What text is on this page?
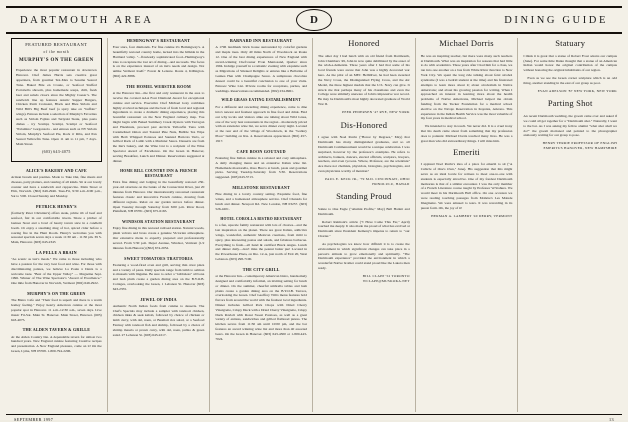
DARTMOUTH AREA	D	DINING GUIDE
FEATURED RESTAURANT
of the month
MURPHY'S ON THE GREEN
Experience the most popular restaurant in downtown Hanover. Chef James Harris sets creative great appetizers, from gourmet Tex-Mex to Sesame Seared Tuna. Baked Brie en Croute, or Seafood Stuffed Portobello shroom, plus homemade soups, chili, fresh beer and salads close's since the Mighty Caesar’s. The sandwich line up features Asiatic Supper Burgers, Chicken Parm Croissant, Black and Bleu Sirloin and Wild Bill's Big Beef beef (a spicy take on "buffalo" wings). Entrees include a selection of Murphy's Favorites such as Sirloin Fajitas and Teriyaki Steak, plus pasta dishes - try Scampi, Scampi, Scampi or Seafood "Palomino" Gorgonzola - and entrees such as NY Sirloin Sirloin, Murphy's Seafood Pie, Rock n' Ribs, and Pan Seared Yellowfin Tuna. Open 11 am to 11 pm, 7 days. Main Street.
(603) 643-4075
ALICE'S BAKERY AND CAFE

Artisan breads and pastries. Made to Take Out, fine meats and cheeses, party platters, and catering of all kinds. Sit at our lovely counter and have a sandwich and cappuccino. Main Street at Elm, Norwich. (802) 649-2946. Tues-Fri, 9:30 a.m.-6:00 p.m., Sat to 5:00. Closed Sunday and Monday.

PETRICK HENRY'S

(formerly Peter Christian's) offers steak, prime rib of beef and seafood, fair in our comfortable tavern. Share a pitcher of Guinea Stout and a bowl of hearty tavern stew in a candlelit booth. Or enjoy a steaming mug of hot, spiced cider before a roaring fire in the Hunt Room. Henry's welcomes you with seasonal specials seven days a week 11:30 am - 11:30 pm. 39 S. Main, Hanover. (603) 643-2345

LA PELLE A BRAIN

"As scenic as last's meals." We came to those including who have a passion for the very best food and wine. For those with discriminating palates, we believe La Poule à Dents is a welcome taste. "Best of the Upper Valley" — Magazine Sept. 1996. Winner of The Wine Spectator's "Award of Excellence." One mile from Hanover in Norwich, Vermont (802) 649-2922.

MURPHY'S ON THE GREEN

The Bistro Cafe and "Their food is superb and there is a warm homey feeling." Enjoy hearty American cuisine at the most popular spot in Hanover. 11 a.m.-12:30 a.m., seven days. Live music Fri-Sat. Main St. Hanover. Main Street, Hanover. (603) 643-4075.

THE ALDEN TAVERN & GRILLE

At the Alden Country Inn. A dependable tavern for almost two hundred years. New England cuisine featuring Creative recipes and presentation. A New England pleasure, come on it! On the Green, Lyme, NH 03768. 1-800-794-2296.

HEMINGWAY'S RESTAURANT

Four stars, four diamonds. For fine cuisine it's Hemingway's. A beautifully restored country home, tucked into the hillside in the Hartland valley. "...flawlessly sophisticated food...Hemingway's tries to recapture the lost art of dining—and succeeds. The focus is on the experience instead of an inn's needs and design. Not unlike Vermont itself." Forest & Leisure. Route 4, Killington. (802) 422-3886.

THE HOMEL WEBSTER ROOM

at the Hanover Inn—the first and only restaurant in the area to receive the coveted AAA Four Diamond Award for exceptional cuisine and service. Executive Chef Michael Gray combines highly evolved technique and the best of fresh local and regional ingredients to create a dramatic dining experience, placing this bountiful restaurant on the New England culinary map. You might begin with Baked Summery Creek Oysters with Tarragon and Hazelnuts, proceed past Arcticle Yellowfin Tuna with Caramelized Onion and Toasted Pine Nuts, Bubble Tea Wipe with Herb Whipped Potatoes and Sautéed Haricots Verts, or Grilled Rack of Lamb with a Marinier Sauce. Desserts are from the Inn's bakery, and the Wine List is a recipient of the Wine Spectator Award of Excellence. On the Green in Hanover, serving Breakfast, Lunch and Dinner. Reservations suggested at dinner.

HOME BILL COUNTRY INN & FRENCH RESTAURANT

Extra fine dining and lodging in the beautifully restored 230-year-old structure on the banks of the Connecticut River, just 20 minutes from Hanover. Our internationally renowned restaurant features classic and innovative French cuisine, drawing from different regions. Relax on our garden terrace before dinner. Open Tuesday through Saturday from 6:00 p.m. River Road, Plainfield, NH 03781. (603) 675-6165.

WINDSOR STATION RESTAURANT

Enjoy fine dining in this restored railroad station. Natural woods, plush velvets and brass create a genuine Victorian atmosphere. Our extensive menu is expertly prepared and professionally served. From 5:30 p.m. Depot Avenue, Windsor, Vermont (1/2 minutes from Hanover) (802) 674-2052.

SWEET TOMATOES TRATTORIA

Featuring a wood-fired oven and grill, serving thin crust pizza and a variety of pasta. Daily specials range from lamb to salmon to mussels with linguine. Be sure to order a "Gibbsless" all bona and lush plum create a garden dining area on the B.Y.O.B. Cottages, overlooking the Green, 1 Lebanon St. Hanover (603) 643-2355.

JEWEL OF INDIA

Authentic North Indian foods from cuisine to desserts. The Chef's Specials may include a sampler with tandoori chicken, chicken tikka & seek kabab, followed by choice of chicken or lamb curry, with dal, naan, or Basmati rice salad, or a Seafood Fantasy with tandoori fish and shrimp, followed by a choice of shrimp masala or prawn curry, with dal, naan, pullao & green salad. 27 Lebanon St. (603) 643-2217.

BARNARD INN RESTAURANT

A 1796 landmark brick house surrounded by colorful gardens and maple trees. Only 40 miles North of Woodstock on Route 12. One of the best dining experiences of New England with award-winning Chef/owner Evan Mentosand, Quebec since 1994. Indulge yourself in a romantic evening with exquisite such as Migrations of Smoked Delights or entrées like a Ballotine of Guinea Hen with Champagne Sauce. A sumptuous chocolate dessert could be a beautiful conclusion to one of your visits. Entrees: Wine List. Private rooms for receptions, parties, and weddings. Reservations recommended. (802) 234-9961.

WILD GRASS EATING ESTABLISHMENT

For a different and rewarding dining experience, come to dine into's newest and freshest approach in fine food and drink. Find out why locals and visitors alike are talking about Wild Grass, one of the very best restaurants in the region - moderately priced with an extensive wine list, we serve dinner every night. Located at the rear end of the village of Woodstock, in the "Gallery Place" building on Rte. 4. Reservations appreciated. (802) 457-1917.

CAFE BOON GOUTAUD

Featuring fine Italian cuisine in a relaxed and cozy atmosphere. A daily changing menu and an extensive Italian wine list. Homemade mozzarella, Osso Bucco at lunch, pasta and gourmet pizza. Serving Tuesday-Saturday from 5:30. Reservations suggested. (603) 643-3713.

MILLSTONE RESTAURANT

Fine dining in a lovely country setting. Exquisite food, fine wines, and a homestead atmosphere service. Chef Chanada for lunch and dinner. Newport Rd. New London, NH 03257. (603) 526-4201.

HOTEL COROLLA BISTRO RESTAURANT

is a fun, upscale family restaurant with lots of choices—and the last inspiration on the planet. There are great Italian, addictive wings, wonderful, authentic Mexican creations, from mild to spicy, plus interesting pastas and salads, and fabulous barbecue. Everything is fresh—all hand & certified Black Angus. Lunch and dinner daily—don't miss the peanut butter pie! Located in the Powerhouse Plaza, on Rte. 12-A, just north of Exit 20, West Lebanon. (603) 298-7100.

THE CITY GRILL

at the Hanover Inn—contemporary American bistro, handsomely designed and comfortably informal, an inviting setting for lunch or dinner. On the summer, cheerful umbrella tables and lush plants create a garden dining area on the B.Y.O.B. Terrace, overlooking the Green. Chef Geoffrey Tim's menu features bold flavors from around the world with the freshest local ingredients. Dinner includes Grilled Pork Chops with Dried Cherry Vinaigrette, Crispy Duck with a Dried Cherry Vinaigrette, Crispy Duck Ravioli with Roast Sweet Potatoes, as well as a great variety of entrées, sandwiches and grilled flatbread pizzas. The kitchen serves from 11:30 am until 10:00 pm, and the bar features an award winning wine list and more than 40 assorted beers. On the Green in Hanover. (603) 643-4300 or 1-800-443-7024.

Honored

The other day I had lunch with an old friend from Dartmouth, John Chambers '49, John in now quite debilitated by the onset of the wish-a-dementia. Three years after I had that some of his local friends were aware that John was a highly decorated war hero. As the pilot of an MEC Hellldiver, he had been awarded the Navy Cross, the Distinguished Flying Cross, and the Air Medal, the three highest medals that the U.S. Navy can give. It struck me that perhaps many of his classmates and even the College were similarly unaware of John's impressive war record. He may be Dartmouth's most highly decorated graduate of World War II.

PEER PEDERSEN '47 RYE, NEW YORK
Dis-Honored

I agree with Noel Perrin ("Honor by Degrees," May) that Dartmouth has many distinguished graduates, and so all Dartmouth Commencement would be a unique celebration. I was surprised, however by the professor's examples. He refers to architects, bankers, dancers, elected officials, sculptors, lawyers, teachers, and even tycoons. Where, Professor, are the scientists? Are there not chemists, physicists, biologists, psychologists, and even physicians worthy of mention?

PAUL E. KECK JR., '79 M.D. CINCINNATI, OHIO HONOLULU, HAWAII
Standing Proud

Salute to One Eagle ("Alumni Profile," May) Ball Hatlett and Dartmouth.

Robert Reimont's article ("I Have Come This Far," April) touched me deeply. It also made me proud of what has evolved at Dartmouth since President Kemeny's impetus to return to "our Charter."

As psychologists we know how difficult it is to create the environment in which significant changes can take place in a person's attitude to grow emotionally and spiritually. "The Dartmouth experience" provided the environment in which a wonderful Native brother could stand proud like the Lakota men ready.

BILL CLAPP '52 TORONTO WCLAPP@MUSKOKA.NET
Michael Dorris

He was an inspiring teacher, but there were many such teachers at Dartmouth. What was an inspiration for reasons that had little to do with academics. Three years after I had him for a class, we ran into one another on a bus from White River Junction to New York City. We spent the long ride talking about fetal alcohol syndrome (I was a bedrid student at the time) and his frustrated attempts to learn more about it; about alcoholism in Native Americans; and about his growing passion for writing. When I approached an interest in learning more about the health problems of Native Americans, Michael helped me obtain funding from the Tucker Foundation for a medical school elective on the Navajo Reservation in Kayenta, Arizona. This experience in the Indian Health Service was the most valuable of my four years in medical school.

We intended to stay in touch. We never did. It is a cruel irony that his death came about from something that my profession does to patients: Michael Dorris touched many lives. He was a great man who did extraordinary things. I will miss him.

Emeriti

I applaud Noel Perrin's idea of a place for emeriti to sit ("A Cubicle of One's Own," June). His suggestion that this might serve as an ideal locale for retirees to meet one-to-one with students is especially attractive. One of my fondest Dartmouth memories is that of a similar encounter. I was the only member of a French Literature course taught by Professor W.Stahura. We would meet in his Dartmouth Hall office. On one occasion we were reading touching passages from Molière's Les Malade Imaginaire. We were amused to tears. It was rewarding in its purest form. Oh, the joy of it!

HERMAN A. LAMBERT '40 DERRY, VERMONT
Statuary

I think it is great that a statue of Robert Frost adorns our campus (June). For some time Dante thought that a statue of an American Indian would honor the original contribution of the campus without honoring the original inhabitants of our region.

Even as we see the Green corner sculpture which is an odd thing, another standing in the east of our group as poor.

EVAN ADELSON '87 NEW YORK, NEW YORK
Parting Shot

An recent Dartmouth wedding, the groom came over and asked if we could all get together for a "Dartmouth shot." Naturally, I went to the bar. As I was asking my fellow alumni "what shot shall we do?" the groom motioned and pointed to the photographer anxiously waiting for our group to pose.

HENRY TERRIE PROFESSOR OF ENGLISH EMERITUS HANOVER, NEW HAMPSHIRE
SEPTEMBER 1997	13
